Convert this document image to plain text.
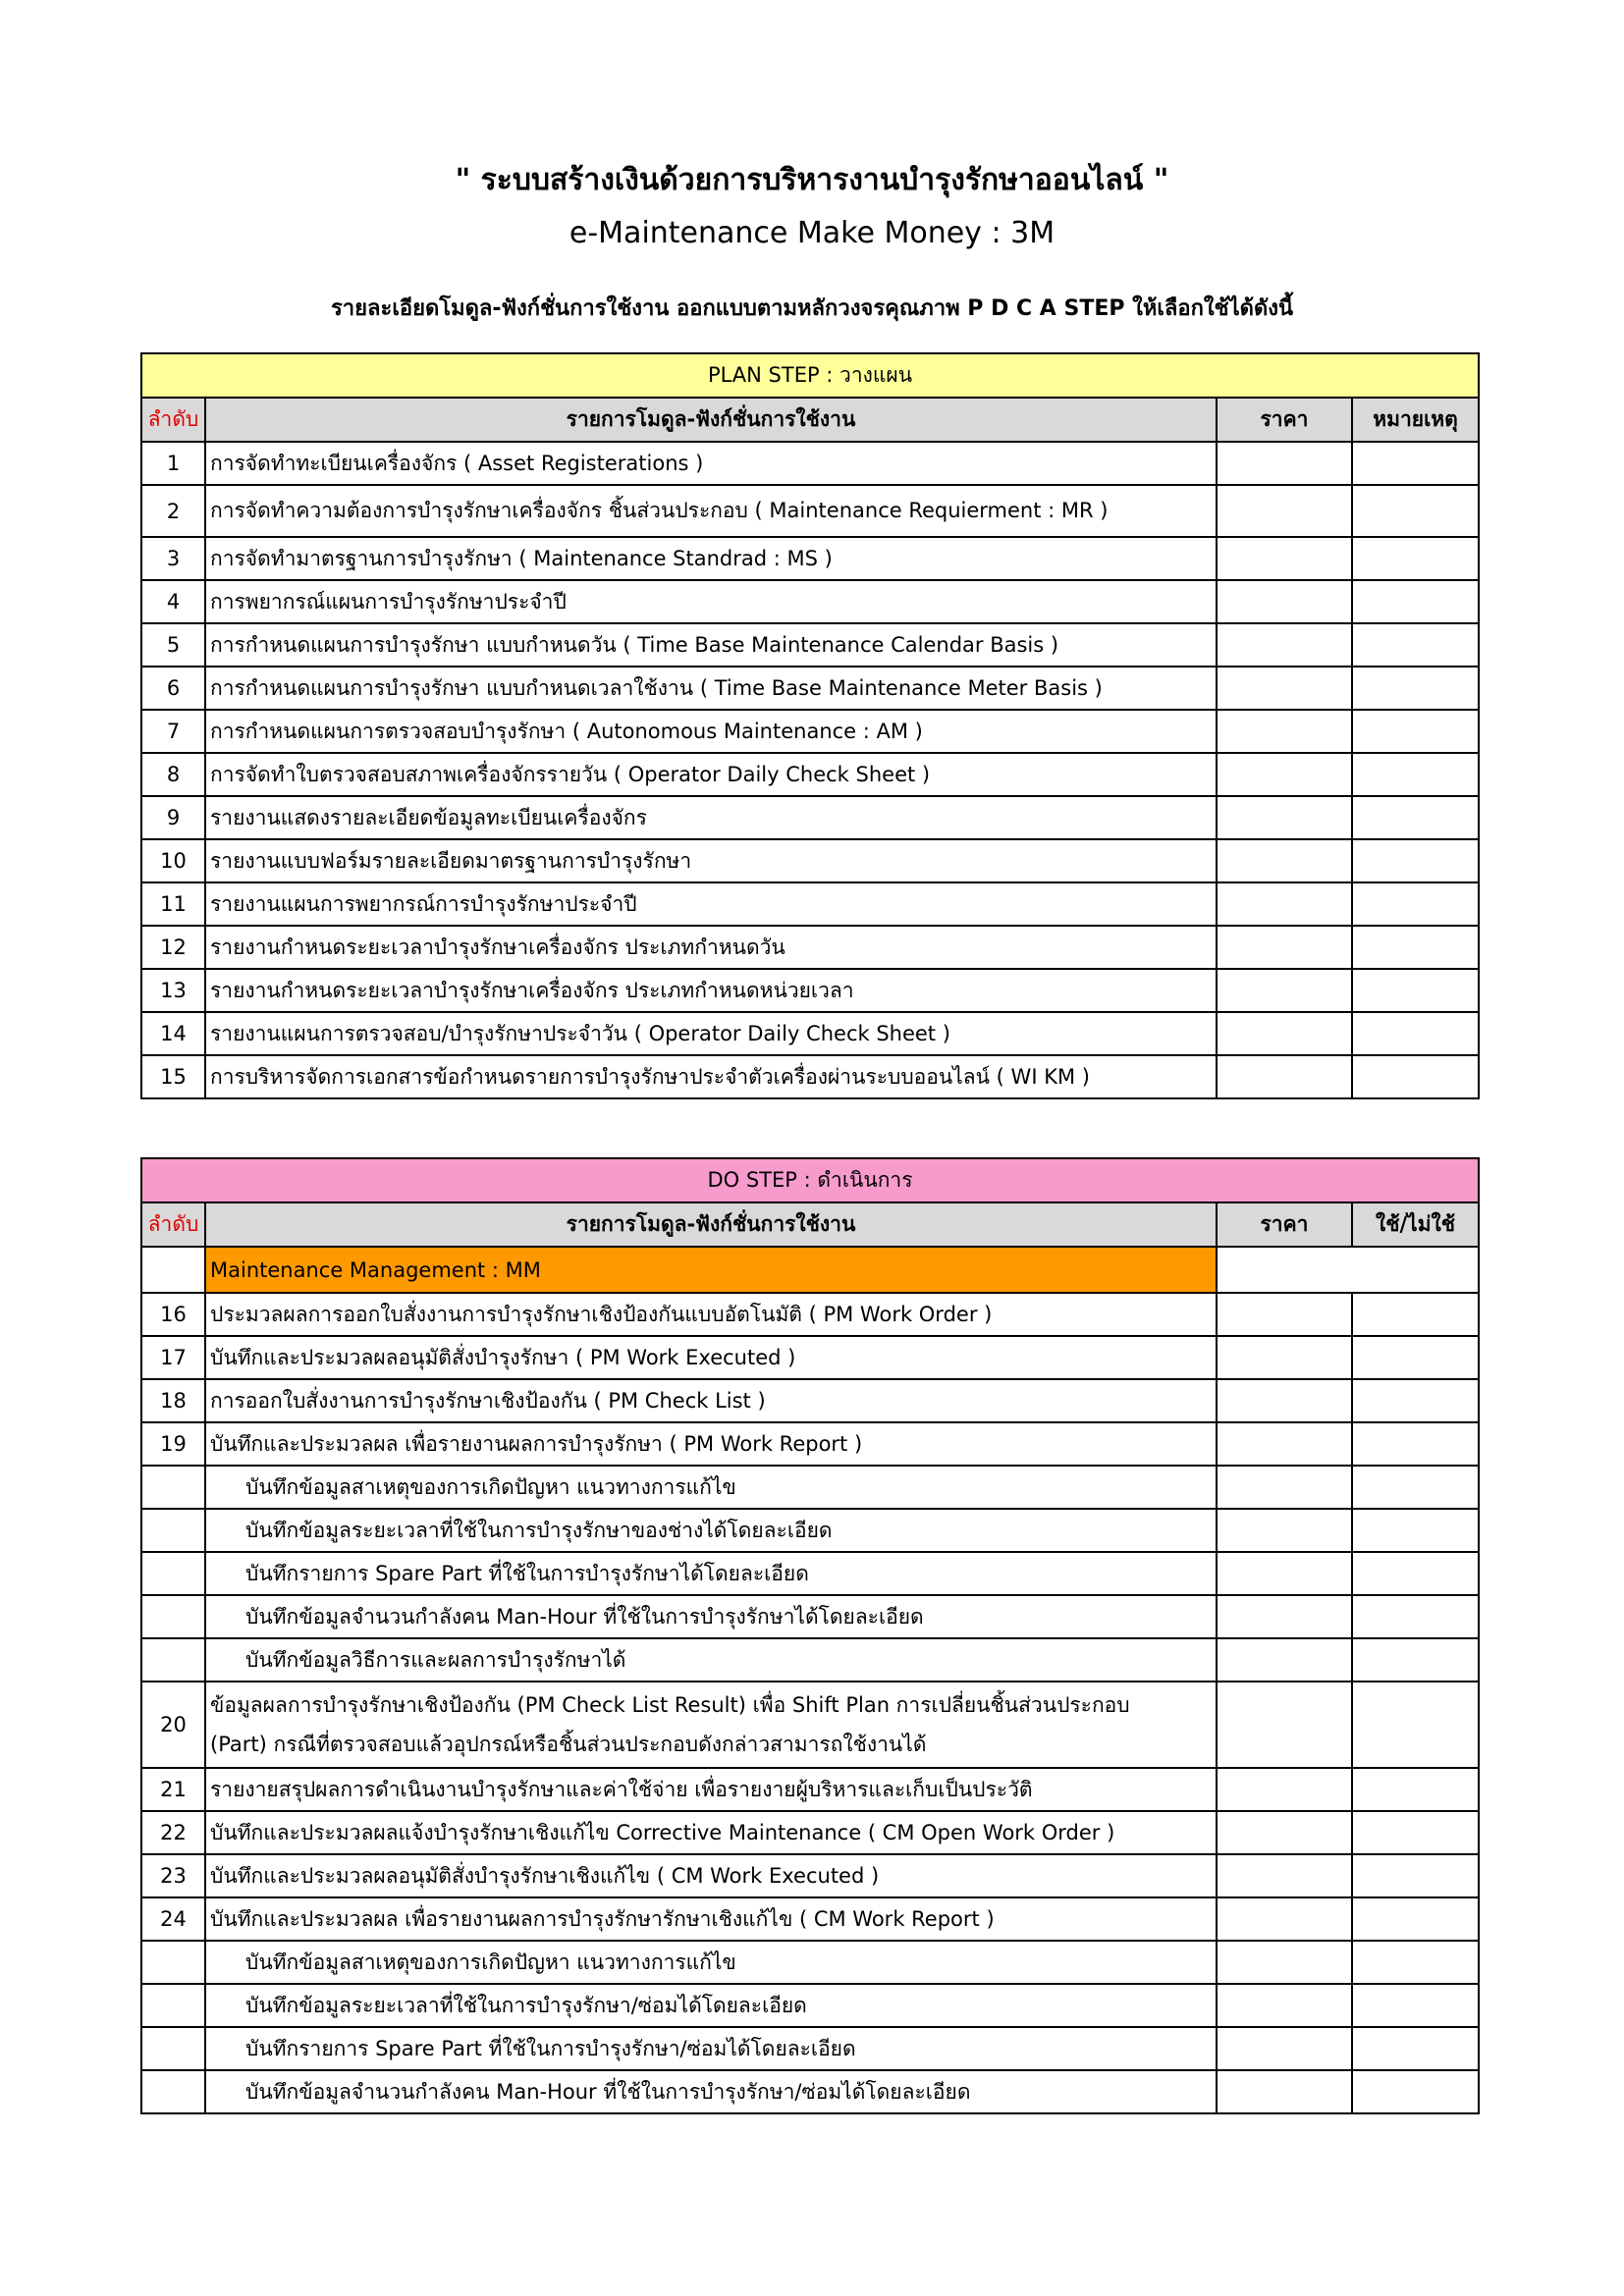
" ระบบสร้างเงินด้วยการบริหารงานบำรุงรักษาออนไลน์ "
e-Maintenance Make Money : 3M
รายละเอียดโมดูล-ฟังก์ชั่นการใช้งาน ออกแบบตามหลักวงจรคุณภาพ P D C A STEP ให้เลือกใช้ได้ดังนี้
PLAN STEP : วางแผน			
ลำดับ	รายการโมดูล-ฟังก์ชั่นการใช้งาน	ราคา	หมายเหตุ
1	การจัดทำทะเบียนเครื่องจักร ( Asset Registerations )		
2	การจัดทำความต้องการบำรุงรักษาเครื่องจักร ชิ้นส่วนประกอบ ( Maintenance Requierment : MR )		
3	การจัดทำมาตรฐานการบำรุงรักษา ( Maintenance Standrad : MS )		
4	การพยากรณ์แผนการบำรุงรักษาประจำปี		
5	การกำหนดแผนการบำรุงรักษา แบบกำหนดวัน ( Time Base Maintenance Calendar Basis )		
6	การกำหนดแผนการบำรุงรักษา แบบกำหนดเวลาใช้งาน ( Time Base Maintenance Meter Basis )		
7	การกำหนดแผนการตรวจสอบบำรุงรักษา ( Autonomous Maintenance : AM )		
8	การจัดทำใบตรวจสอบสภาพเครื่องจักรรายวัน ( Operator Daily Check Sheet )		
9	รายงานแสดงรายละเอียดข้อมูลทะเบียนเครื่องจักร		
10	รายงานแบบฟอร์มรายละเอียดมาตรฐานการบำรุงรักษา		
11	รายงานแผนการพยากรณ์การบำรุงรักษาประจำปี		
12	รายงานกำหนดระยะเวลาบำรุงรักษาเครื่องจักร ประเภทกำหนดวัน		
13	รายงานกำหนดระยะเวลาบำรุงรักษาเครื่องจักร ประเภทกำหนดหน่วยเวลา		
14	รายงานแผนการตรวจสอบ/บำรุงรักษาประจำวัน ( Operator Daily Check Sheet )		
15	การบริหารจัดการเอกสารข้อกำหนดรายการบำรุงรักษาประจำตัวเครื่องผ่านระบบออนไลน์ ( WI KM )		
DO STEP : ดำเนินการ			
ลำดับ	รายการโมดูล-ฟังก์ชั่นการใช้งาน	ราคา	ใช้/ไม่ใช้
	Maintenance Management : MM		
16	ประมวลผลการออกใบสั่งงานการบำรุงรักษาเชิงป้องกันแบบอัตโนมัติ ( PM Work Order )		
17	บันทึกและประมวลผลอนุมัติสั่งบำรุงรักษา ( PM Work Executed )		
18	การออกใบสั่งงานการบำรุงรักษาเชิงป้องกัน ( PM Check List )		
19	บันทึกและประมวลผล เพื่อรายงานผลการบำรุงรักษา ( PM Work Report )		
	บันทึกข้อมูลสาเหตุของการเกิดปัญหา แนวทางการแก้ไข		
	บันทึกข้อมูลระยะเวลาที่ใช้ในการบำรุงรักษาของช่างได้โดยละเอียด		
	บันทึกรายการ Spare Part ที่ใช้ในการบำรุงรักษาได้โดยละเอียด		
	บันทึกข้อมูลจำนวนกำลังคน Man-Hour ที่ใช้ในการบำรุงรักษาได้โดยละเอียด		
	บันทึกข้อมูลวิธีการและผลการบำรุงรักษาได้		
20	ข้อมูลผลการบำรุงรักษาเชิงป้องกัน (PM Check List Result) เพื่อ Shift Plan การเปลี่ยนชิ้นส่วนประกอบ
(Part) กรณีที่ตรวจสอบแล้วอุปกรณ์หรือชิ้นส่วนประกอบดังกล่าวสามารถใช้งานได้		

21	รายงายสรุปผลการดำเนินงานบำรุงรักษาและค่าใช้จ่าย เพื่อรายงายผู้บริหารและเก็บเป็นประวัติ		
22	บันทึกและประมวลผลแจ้งบำรุงรักษาเชิงแก้ไข Corrective Maintenance ( CM Open Work Order )		
23	บันทึกและประมวลผลอนุมัติสั่งบำรุงรักษาเชิงแก้ไข ( CM Work Executed )		
24	บันทึกและประมวลผล เพื่อรายงานผลการบำรุงรักษารักษาเชิงแก้ไข ( CM Work Report )		
	บันทึกข้อมูลสาเหตุของการเกิดปัญหา แนวทางการแก้ไข		
	บันทึกข้อมูลระยะเวลาที่ใช้ในการบำรุงรักษา/ซ่อมได้โดยละเอียด		
	บันทึกรายการ Spare Part ที่ใช้ในการบำรุงรักษา/ซ่อมได้โดยละเอียด		
	บันทึกข้อมูลจำนวนกำลังคน Man-Hour ที่ใช้ในการบำรุงรักษา/ซ่อมได้โดยละเอียด		
